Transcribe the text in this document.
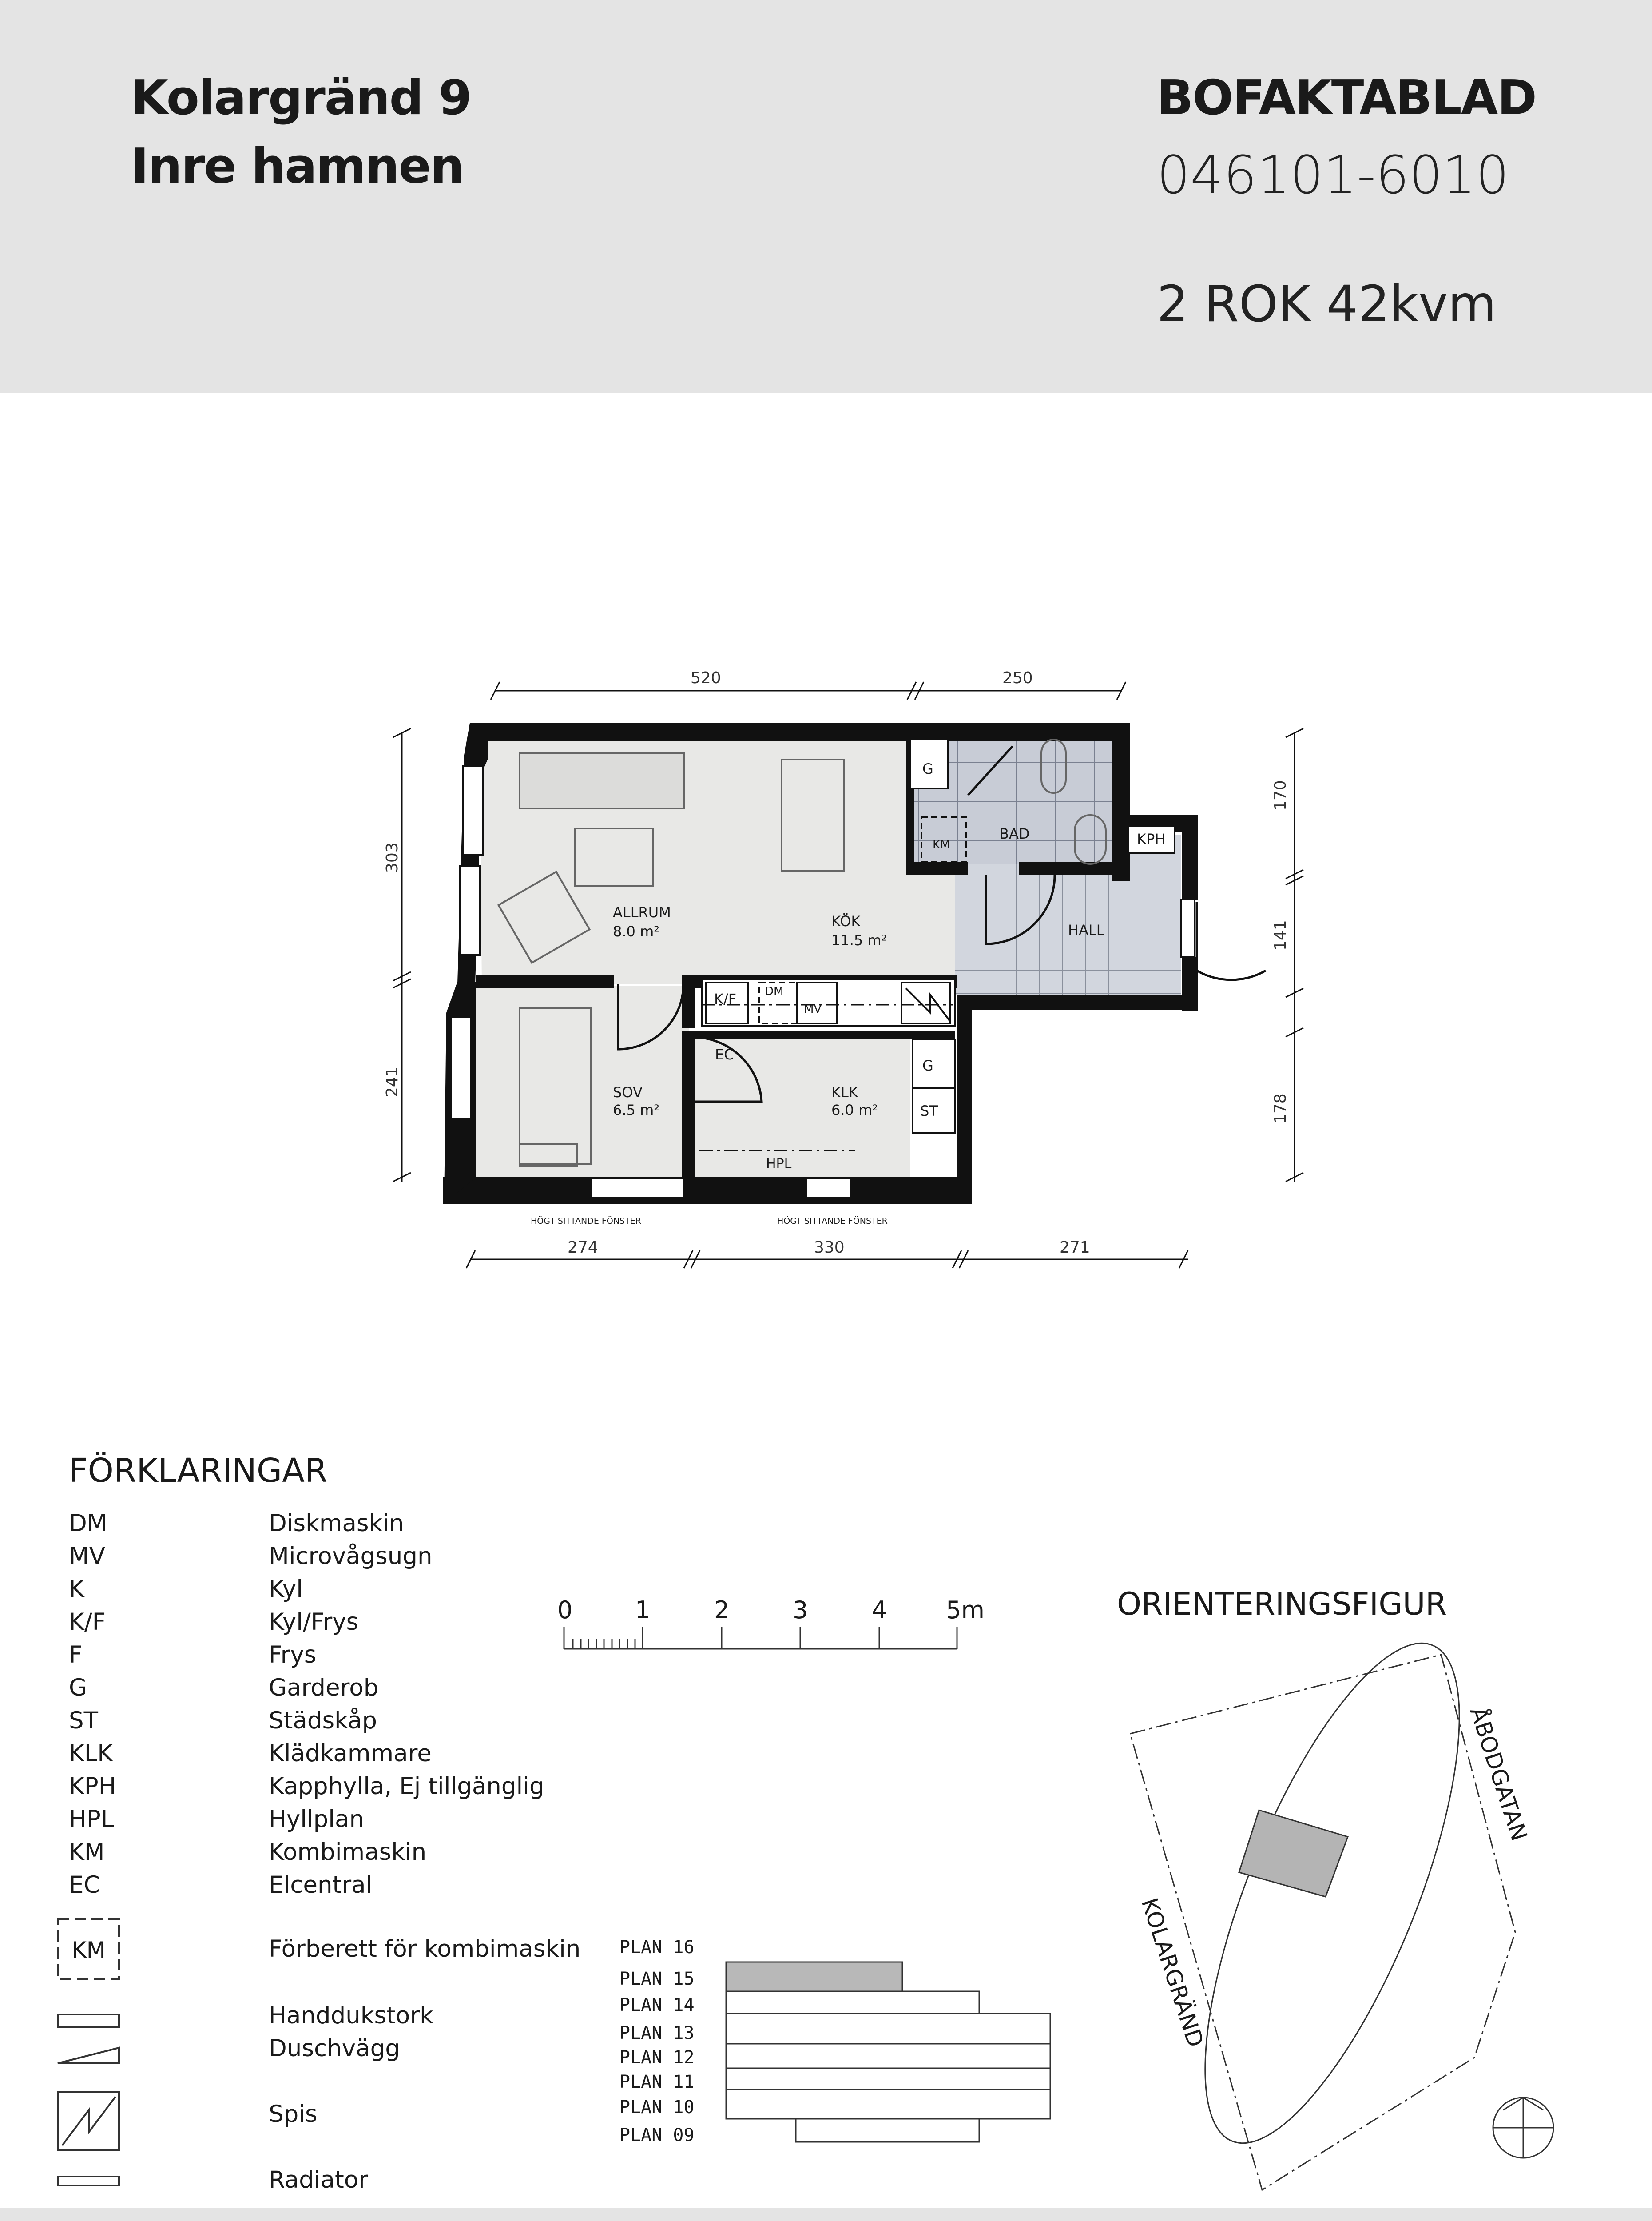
Kolargränd 9
Inre hamnen
BOFAKTABLAD
046101-6010
2 ROK 42kvm
ALLRUM
8.0 m²
KÖK
11.5 m²
SOV
6.5 m²
KLK
6.0 m²
BAD
HALL
G
G
ST
K/F DM
MV
KM	KPH
EC
HPL
HÖGT SITTANDE FÖNSTER	HÖGT SITTANDE FÖNSTER
520	250
303
241
170
141
178
274	330	271
KM
0	1	2	3	4 5m
PLAN 16
PLAN 15
PLAN 14
PLAN 13
PLAN 12
PLAN 11
PLAN 10
PLAN 09
ÅBODGATAN
KOLARGRÄND
FÖRKLARINGAR
DM	Diskmaskin
MV	Microvågsugn
K	Kyl
K/F	Kyl/Frys
F	Frys
G	Garderob
ST	Städskåp
KLK	Klädkammare
KPH	Kapphylla, Ej tillgänglig
HPL	Hyllplan
KM	Kombimaskin
EC	Elcentral
Förberett för kombimaskin
Handdukstork
Duschvägg
Spis
Radiator
ORIENTERINGSFIGUR
